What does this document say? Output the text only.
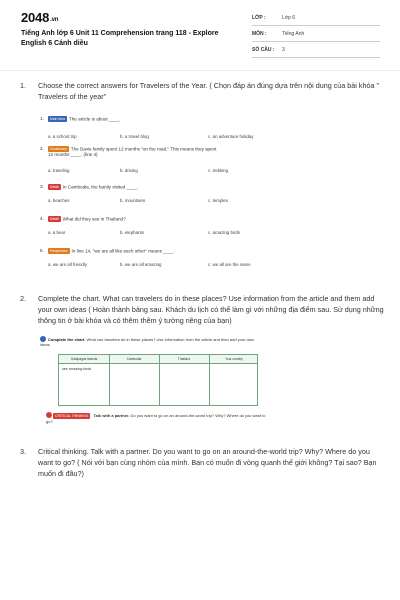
2048.vn
Tiếng Anh lớp 6 Unit 11 Comprehension trang 118 - Explore English 6 Cánh diều
LỚP :	Lớp 6
MÔN :	Tiếng Anh
SỐ CÂU :	3
1. Choose the correct answers for Travelers of the Year. ( Chọn đáp án đúng dựa trên nội dung của bài khóa " Travelers of the year"
1.	Main Idea The article is about ____.
a. a school trip	b. a travel blog	c. an adventure holiday
2.	Vocabulary The Davis family spent 12 months "on the road." This means they spent
12 months ____. (line 4)
a. traveling	b. driving	c. trekking
3.	Detail In Cambodia, the family visited ____.
a. beaches	b. mountains	c. temples
4.	Detail What did they see in Thailand?
a. a bear	b. elephants	c. amazing birds
5.	Paraphrase In line 14, "we are all like each other" means ____.
a. we are all friendly	b. we are all amazing	c. we all are the same
2. Complete the chart. What can travelers do in these places? Use information from the article and them add your own ideas ( Hoàn thành bảng sau. Khách du lịch có thể làm gì với những địa điểm sau. Sử dụng những thông tin ở bài khóa và có thêm thêm ý tưởng riêng của bạn)
Complete the chart. What can travelers do in these places? Use information from the article and then add your own ideas.
Galápagos Islands	Cambodia	Thailand	Your country
see amazing birds
CRITICAL THINKING Talk with a partner. Do you want to go on an around-the-world trip? Why? Where do you want to go?
3. Critical thinking. Talk with a partner. Do you want to go on an around-the-world trip? Why? Where do you want to go? ( Nói với bạn cùng nhóm của mình. Bạn có muốn đi vòng quanh thế giới không? Tại sao? Bạn muốn đi đâu?)
